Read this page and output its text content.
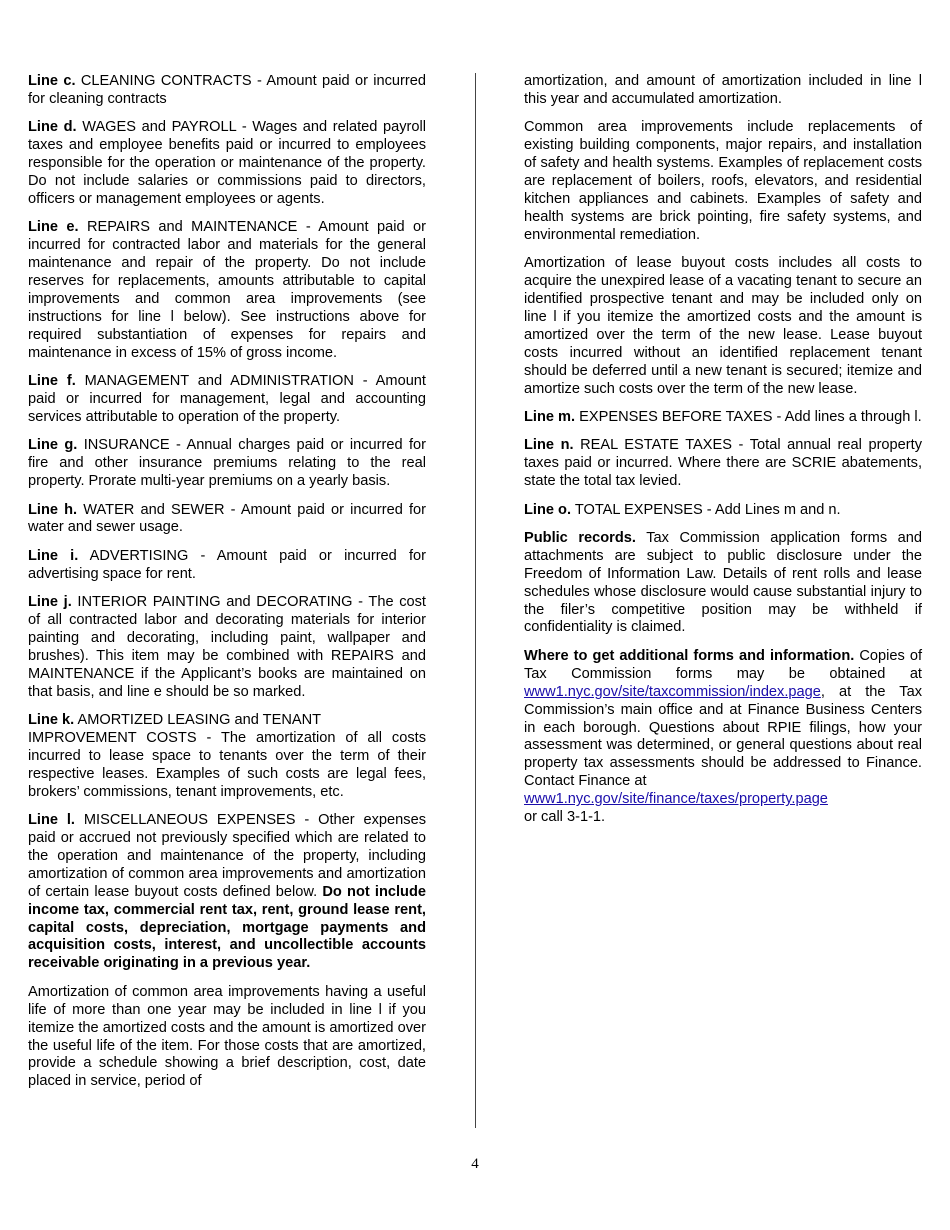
Line c. CLEANING CONTRACTS - Amount paid or incurred for cleaning contracts

Line d. WAGES and PAYROLL - Wages and related payroll taxes and employee benefits paid or incurred to employees responsible for the operation or maintenance of the property. Do not include salaries or commissions paid to directors, officers or management employees or agents.

Line e. REPAIRS and MAINTENANCE - Amount paid or incurred for contracted labor and materials for the general maintenance and repair of the property. Do not include reserves for replacements, amounts attributable to capital improvements and common area improvements (see instructions for line l below). See instructions above for required substantiation of expenses for repairs and maintenance in excess of 15% of gross income.

Line f. MANAGEMENT and ADMINISTRATION - Amount paid or incurred for management, legal and accounting services attributable to operation of the property.

Line g. INSURANCE - Annual charges paid or incurred for fire and other insurance premiums relating to the real property. Prorate multi-year premiums on a yearly basis.

Line h. WATER and SEWER - Amount paid or incurred for water and sewer usage.

Line i. ADVERTISING - Amount paid or incurred for advertising space for rent.

Line j. INTERIOR PAINTING and DECORATING - The cost of all contracted labor and decorating materials for interior painting and decorating, including paint, wallpaper and brushes). This item may be combined with REPAIRS and MAINTENANCE if the Applicant’s books are maintained on that basis, and line e should be so marked.

Line k. AMORTIZED LEASING and TENANT
IMPROVEMENT COSTS - The amortization of all costs incurred to lease space to tenants over the term of their respective leases. Examples of such costs are legal fees, brokers’ commissions, tenant improvements, etc.

Line l. MISCELLANEOUS EXPENSES - Other expenses paid or accrued not previously specified which are related to the operation and maintenance of the property, including amortization of common area improvements and amortization of certain lease buyout costs defined below. Do not include income tax, commercial rent tax, rent, ground lease rent, capital costs, depreciation, mortgage payments and acquisition costs, interest, and uncollectible accounts receivable originating in a previous year.

Amortization of common area improvements having a useful life of more than one year may be included in line l if you itemize the amortized costs and the amount is amortized over the useful life of the item. For those costs that are amortized, provide a schedule showing a brief description, cost, date placed in service, period of

amortization, and amount of amortization included in line l this year and accumulated amortization.

Common area improvements include replacements of existing building components, major repairs, and installation of safety and health systems. Examples of replacement costs are replacement of boilers, roofs, elevators, and residential kitchen appliances and cabinets. Examples of safety and health systems are brick pointing, fire safety systems, and environmental remediation.

Amortization of lease buyout costs includes all costs to acquire the unexpired lease of a vacating tenant to secure an identified prospective tenant and may be included only on line l if you itemize the amortized costs and the amount is amortized over the term of the new lease. Lease buyout costs incurred without an identified replacement tenant should be deferred until a new tenant is secured; itemize and amortize such costs over the term of the new lease.

Line m. EXPENSES BEFORE TAXES - Add lines a through l.

Line n. REAL ESTATE TAXES - Total annual real property taxes paid or incurred. Where there are SCRIE abatements, state the total tax levied.

Line o. TOTAL EXPENSES - Add Lines m and n.

Public records. Tax Commission application forms and attachments are subject to public disclosure under the Freedom of Information Law. Details of rent rolls and lease schedules whose disclosure would cause substantial injury to the filer’s competitive position may be withheld if confidentiality is claimed.

Where to get additional forms and information. Copies of Tax Commission forms may be obtained at www1.nyc.gov/site/taxcommission/index.page, at the Tax Commission’s main office and at Finance Business Centers in each borough. Questions about RPIE filings, how your assessment was determined, or general questions about real property tax assessments should be addressed to Finance. Contact Finance at
www1.nyc.gov/site/finance/taxes/property.page
or call 3-1-1.

4
